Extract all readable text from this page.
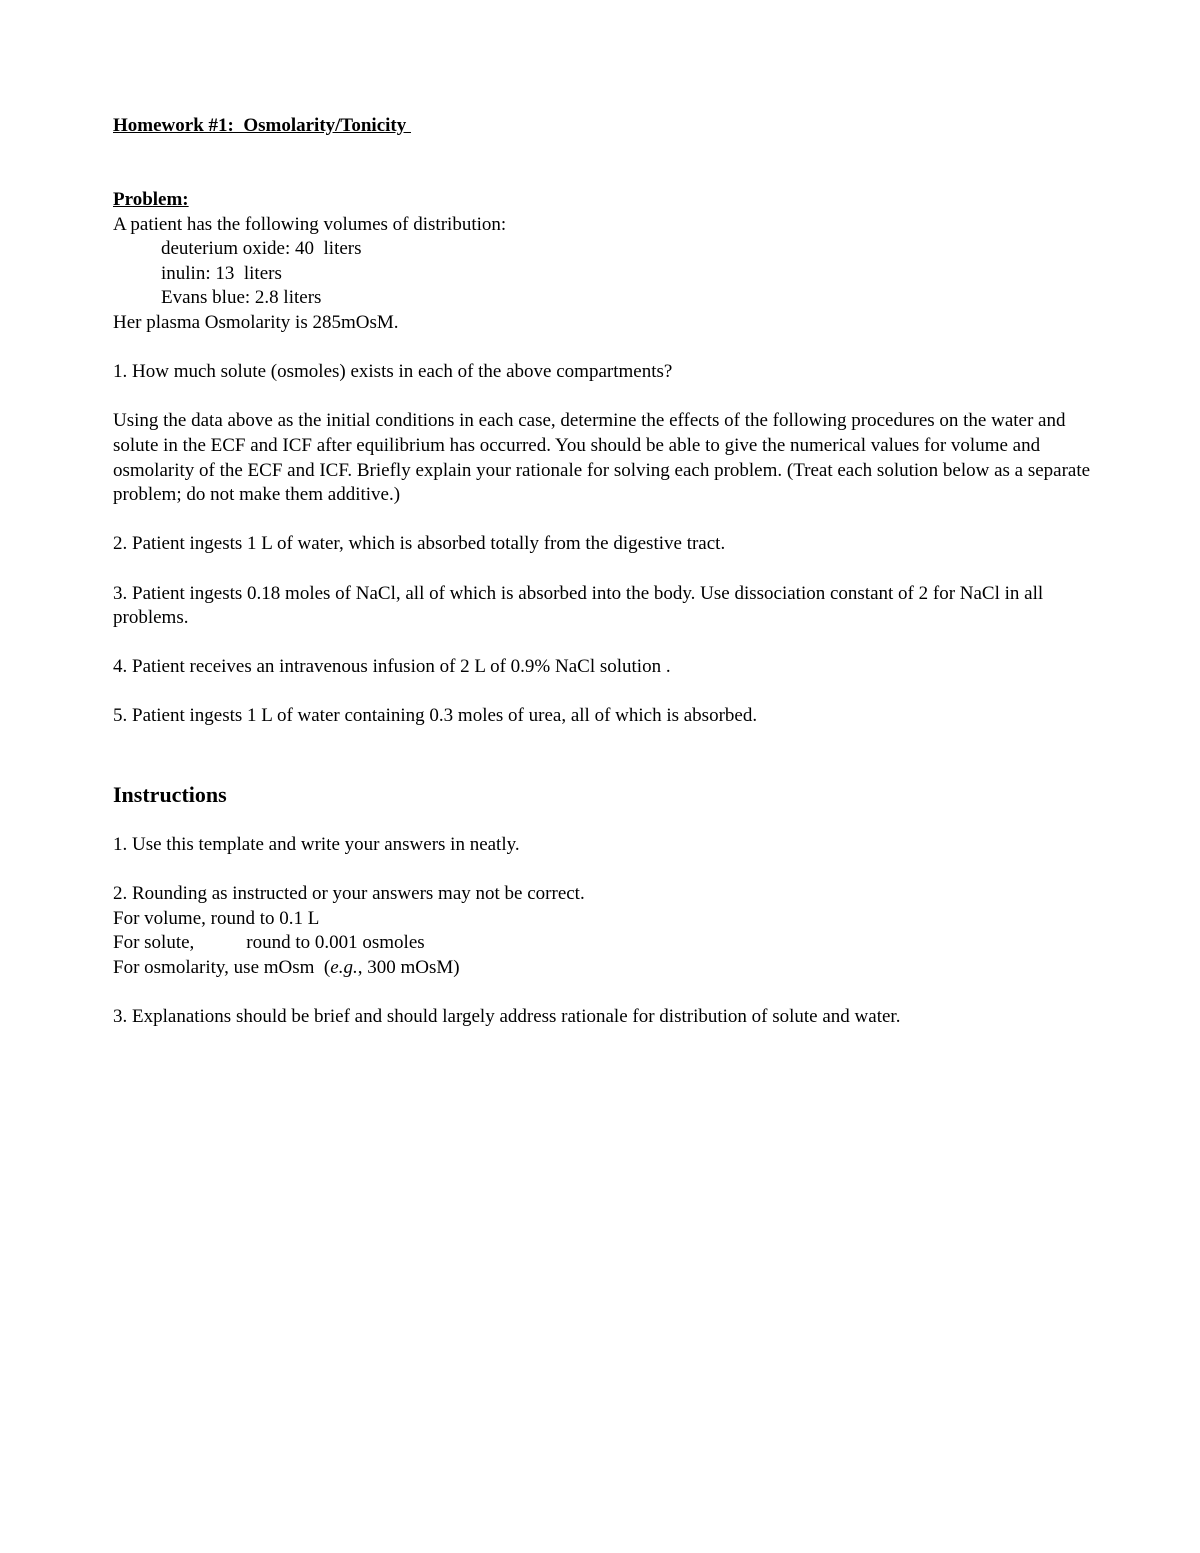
Homework #1:  Osmolarity/Tonicity

Problem:

A patient has the following volumes of distribution:

deuterium oxide: 40  liters

inulin: 13  liters

Evans blue: 2.8 liters

Her plasma Osmolarity is 285mOsM.

1. How much solute (osmoles) exists in each of the above compartments?

Using the data above as the initial conditions in each case, determine the effects of the following procedures on the water and solute in the ECF and ICF after equilibrium has occurred. You should be able to give the numerical values for volume and osmolarity of the ECF and ICF. Briefly explain your rationale for solving each problem. (Treat each solution below as a separate problem; do not make them additive.)

2. Patient ingests 1 L of water, which is absorbed totally from the digestive tract.

3. Patient ingests 0.18 moles of NaCl, all of which is absorbed into the body. Use dissociation constant of 2 for NaCl in all problems.

4. Patient receives an intravenous infusion of 2 L of 0.9% NaCl solution .

5. Patient ingests 1 L of water containing 0.3 moles of urea, all of which is absorbed.

Instructions

1. Use this template and write your answers in neatly.

2. Rounding as instructed or your answers may not be correct.

For volume, round to 0.1 L

For solute,	round to 0.001 osmoles

For osmolarity, use mOsm  (e.g., 300 mOsM)

3. Explanations should be brief and should largely address rationale for distribution of solute and water.
